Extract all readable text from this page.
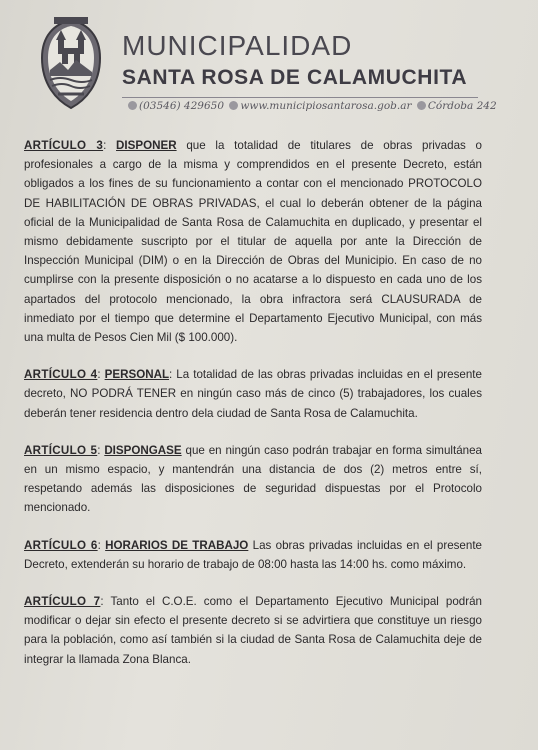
MUNICIPALIDAD
SANTA ROSA DE CALAMUCHITA
(03546) 429650 www.municipiosantarosa.gob.ar Córdoba 242

ARTÍCULO 3: DISPONER que la totalidad de titulares de obras privadas o profesionales a cargo de la misma y comprendidos en el presente Decreto, están obligados a los fines de su funcionamiento a contar con el mencionado PROTOCOLO DE HABILITACIÓN DE OBRAS PRIVADAS, el cual lo deberán obtener de la página oficial de la Municipalidad de Santa Rosa de Calamuchita en duplicado, y presentar el mismo debidamente suscripto por el titular de aquella por ante la Dirección de Inspección Municipal (DIM) o en la Dirección de Obras del Municipio. En caso de no cumplirse con la presente disposición o no acatarse a lo dispuesto en cada uno de los apartados del protocolo mencionado, la obra infractora será CLAUSURADA de inmediato por el tiempo que determine el Departamento Ejecutivo Municipal, con más una multa de Pesos Cien Mil ($ 100.000).

ARTÍCULO 4: PERSONAL: La totalidad de las obras privadas incluidas en el presente decreto, NO PODRÁ TENER en ningún caso más de cinco (5) trabajadores, los cuales deberán tener residencia dentro dela ciudad de Santa Rosa de Calamuchita.

ARTÍCULO 5: DISPONGASE que en ningún caso podrán trabajar en forma simultánea en un mismo espacio, y mantendrán una distancia de dos (2) metros entre sí, respetando además las disposiciones de seguridad dispuestas por el Protocolo mencionado.

ARTÍCULO 6: HORARIOS DE TRABAJO Las obras privadas incluidas en el presente Decreto, extenderán su horario de trabajo de 08:00 hasta las 14:00 hs. como máximo.

ARTÍCULO 7: Tanto el C.O.E. como el Departamento Ejecutivo Municipal podrán modificar o dejar sin efecto el presente decreto si se advirtiera que constituye un riesgo para la población, como así también si la ciudad de Santa Rosa de Calamuchita deje de integrar la llamada Zona Blanca.
